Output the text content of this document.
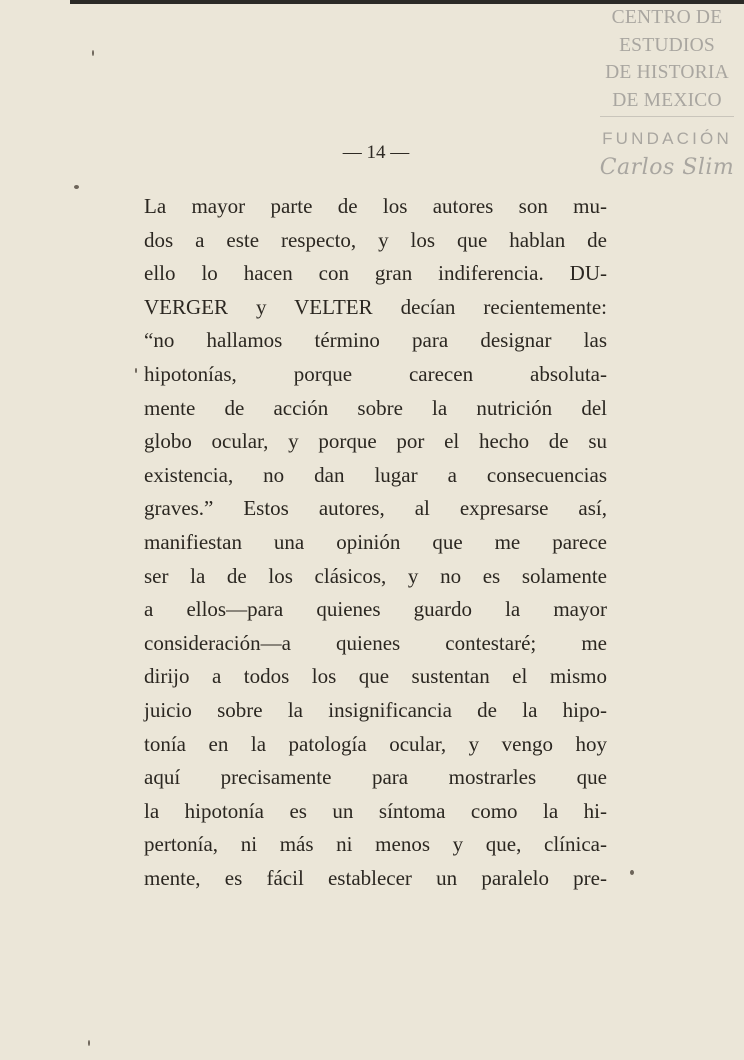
CENTRO DE
ESTUDIOS
DE HISTORIA
DE MEXICO
FUNDACIÓN
Carlos Slim
— 14 —
La mayor parte de los autores son mu-
dos a este respecto, y los que hablan de
ello lo hacen con gran indiferencia. DU-
VERGER y VELTER decían recientemente:
“no hallamos término para designar las
hipotonías, porque carecen absoluta-
mente de acción sobre la nutrición del
globo ocular, y porque por el hecho de su
existencia, no dan lugar a consecuencias
graves.” Estos autores, al expresarse así,
manifiestan una opinión que me parece
ser la de los clásicos, y no es solamente
a ellos—para quienes guardo la mayor
consideración—a quienes contestaré; me
dirijo a todos los que sustentan el mismo
juicio sobre la insignificancia de la hipo-
tonía en la patología ocular, y vengo hoy
aquí precisamente para mostrarles que
la hipotonía es un síntoma como la hi-
pertonía, ni más ni menos y que, clínica-
mente, es fácil establecer un paralelo pre-
